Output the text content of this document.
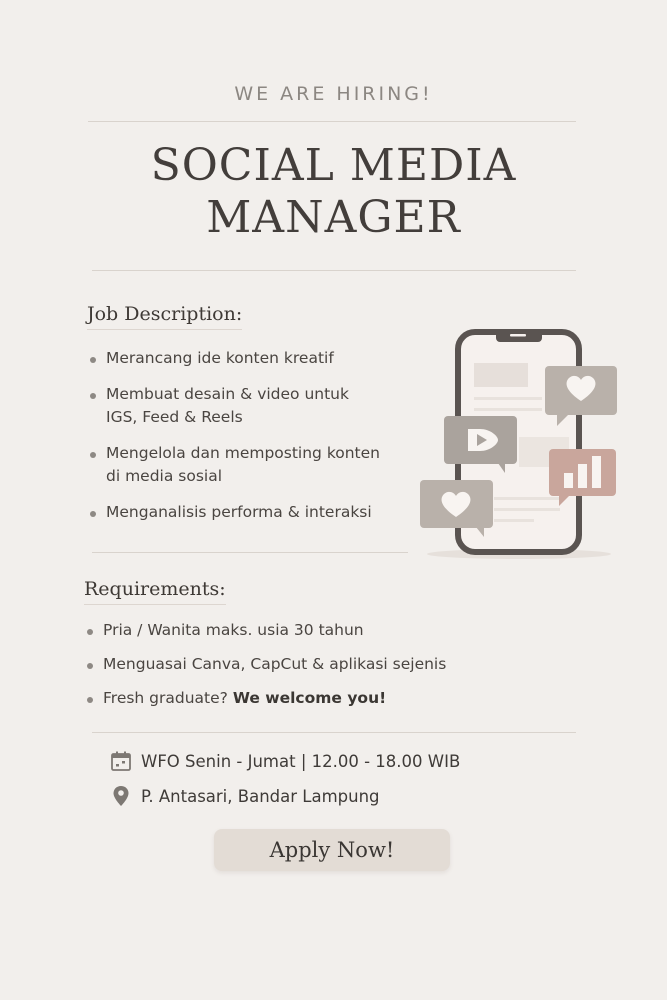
WE ARE HIRING!
SOCIAL MEDIA
MANAGER
Job Description:
Merancang ide konten kreatif
Membuat desain & video untuk
IGS, Feed & Reels
Mengelola dan memposting konten
di media sosial
Menganalisis performa & interaksi
Requirements:
Pria / Wanita maks. usia 30 tahun
Menguasai Canva, CapCut & aplikasi sejenis
Fresh graduate? We welcome you!
WFO Senin - Jumat | 12.00 - 18.00 WIB
P. Antasari, Bandar Lampung
Apply Now!
